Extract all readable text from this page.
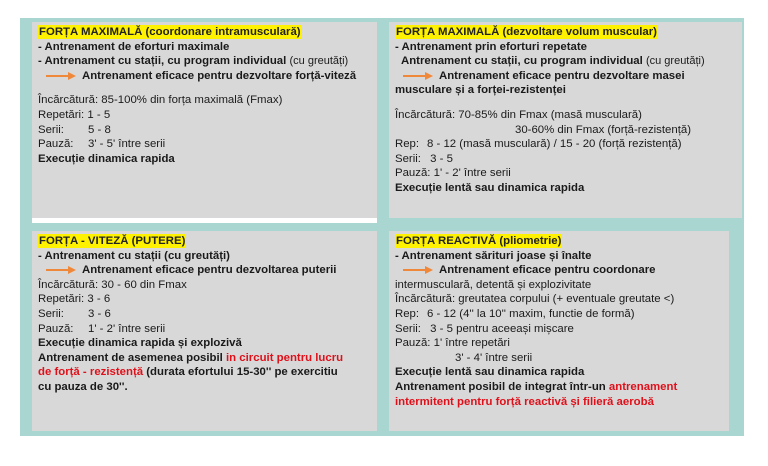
FORȚA MAXIMALĂ (coordonare intramusculară)
- Antrenament de eforturi maximale
- Antrenament cu stații, cu program individual (cu greutăți)
Antrenament eficace pentru dezvoltare forță-viteză
Încărcătură: 85-100% din forța maximală (Fmax)
Repetări: 1 - 5
Serii: 5 - 8
Pauză: 3' - 5' între serii
Execuție dinamica rapida
FORȚA MAXIMALĂ (dezvoltare volum muscular)
- Antrenament prin eforturi repetate
Antrenament cu stații, cu program individual (cu greutăți)
Antrenament eficace pentru dezvoltare masei
musculare și a forței-rezistenței
Încărcătură: 70-85% din Fmax (masă musculară)
30-60% din Fmax (forță-rezistență)
Rep: 8 - 12 (masă musculară) / 15 - 20 (forță rezistență)
Serii: 3 - 5
Pauză: 1' - 2' între serii
Execuție lentă sau dinamica rapida
FORȚA - VITEZĂ (PUTERE)
- Antrenament cu stații (cu greutăți)
Antrenament eficace pentru dezvoltarea puterii
Încărcătură: 30 - 60 din Fmax
Repetări: 3 - 6
Serii: 3 - 6
Pauză: 1' - 2' între serii
Execuție dinamica rapida și explozivă
Antrenament de asemenea posibil in circuit pentru lucru
de forță - rezistență (durata efortului 15-30'' pe exercitiu
cu pauza de 30''.
FORȚA REACTIVĂ (pliometrie)
- Antrenament sărituri joase și înalte
Antrenament eficace pentru coordonare
intermusculară, detentă și explozivitate
Încărcătură: greutatea corpului (+ eventuale greutate <)
Rep: 6 - 12 (4'' la 10'' maxim, functie de formă)
Serii: 3 - 5 pentru aceeași mișcare
Pauză: 1' între repetări
3' - 4' între serii
Execuție lentă sau dinamica rapida
Antrenament posibil de integrat într-un antrenament
intermitent pentru forță reactivă și filieră aerobă
